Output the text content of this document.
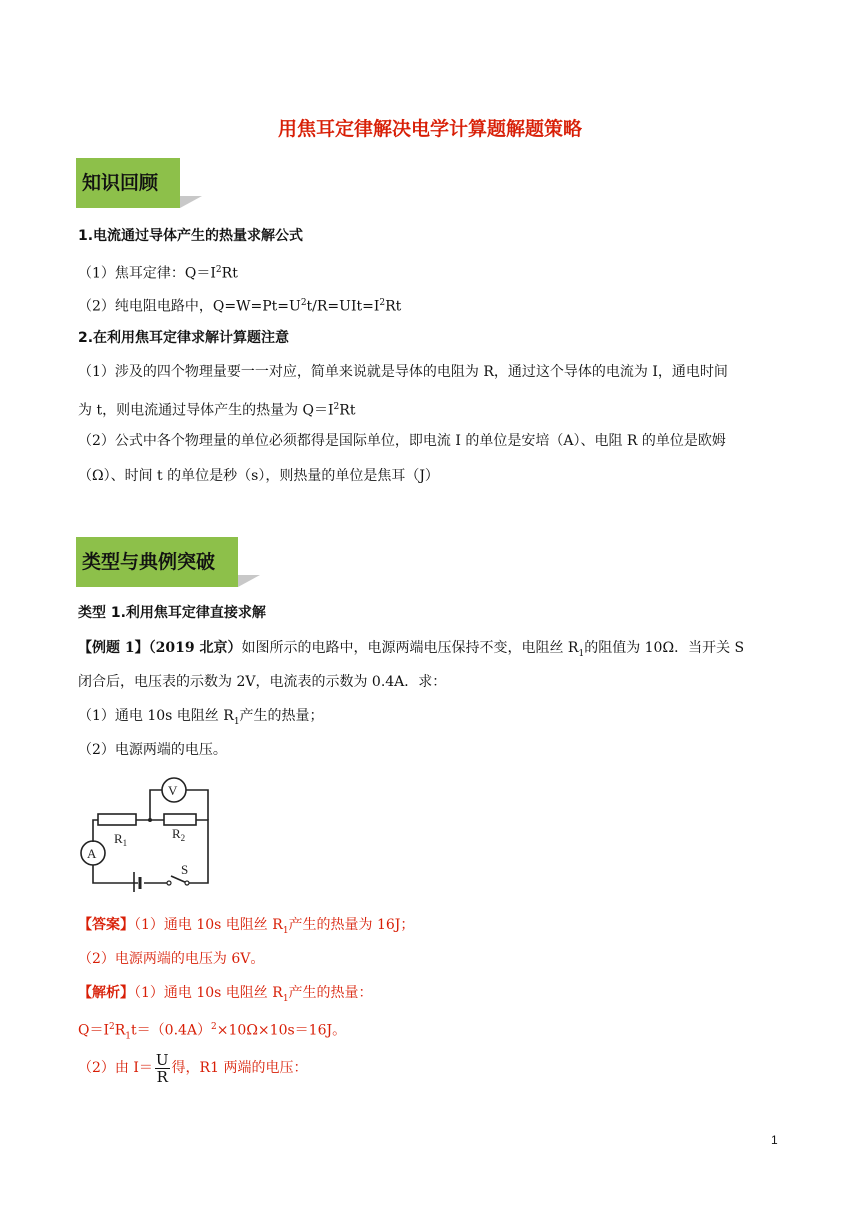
用焦耳定律解决电学计算题解题策略
知识回顾
1.电流通过导体产生的热量求解公式
（1）焦耳定律：$Q=I^2Rt$
（2）纯电阻电路中，$Q=W=Pt=U^2t/R=UIt=I^2Rt$
2.在利用焦耳定律求解计算题注意
（1）涉及的四个物理量要一一对应，简单来说就是导体的电阻为 R，通过这个导体的电流为 I，通电时间
为 t，则电流通过导体产生的热量为 $Q=I^2Rt$
（2）公式中各个物理量的单位必须都得是国际单位，即电流 I 的单位是安培（A）、电阻 R 的单位是欧姆
（Ω）、时间 t 的单位是秒（s），则热量的单位是焦耳（J）
类型与典例突破
类型 1.利用焦耳定律直接求解
【例题 1】（2019 北京）如图所示的电路中，电源两端电压保持不变，电阻丝 $R_1$的阻值为 10Ω．当开关 S
闭合后，电压表的示数为 2V，电流表的示数为 0.4A．求：
（1）通电 10s 电阻丝 $R_1$产生的热量；
（2）电源两端的电压。
V
A
$R_1$
$R_2$
S
【答案】（1）通电 10s 电阻丝 $R_1$产生的热量为 16J；
（2）电源两端的电压为 6V。
【解析】（1）通电 10s 电阻丝 $R_1$产生的热量：
$Q=I^2R_1t=(0.4A)^2\times 10\Omega\times 10s=16J$。
（2）由 $I= \frac{U}{R}$ 得，R1 两端的电压：
1
